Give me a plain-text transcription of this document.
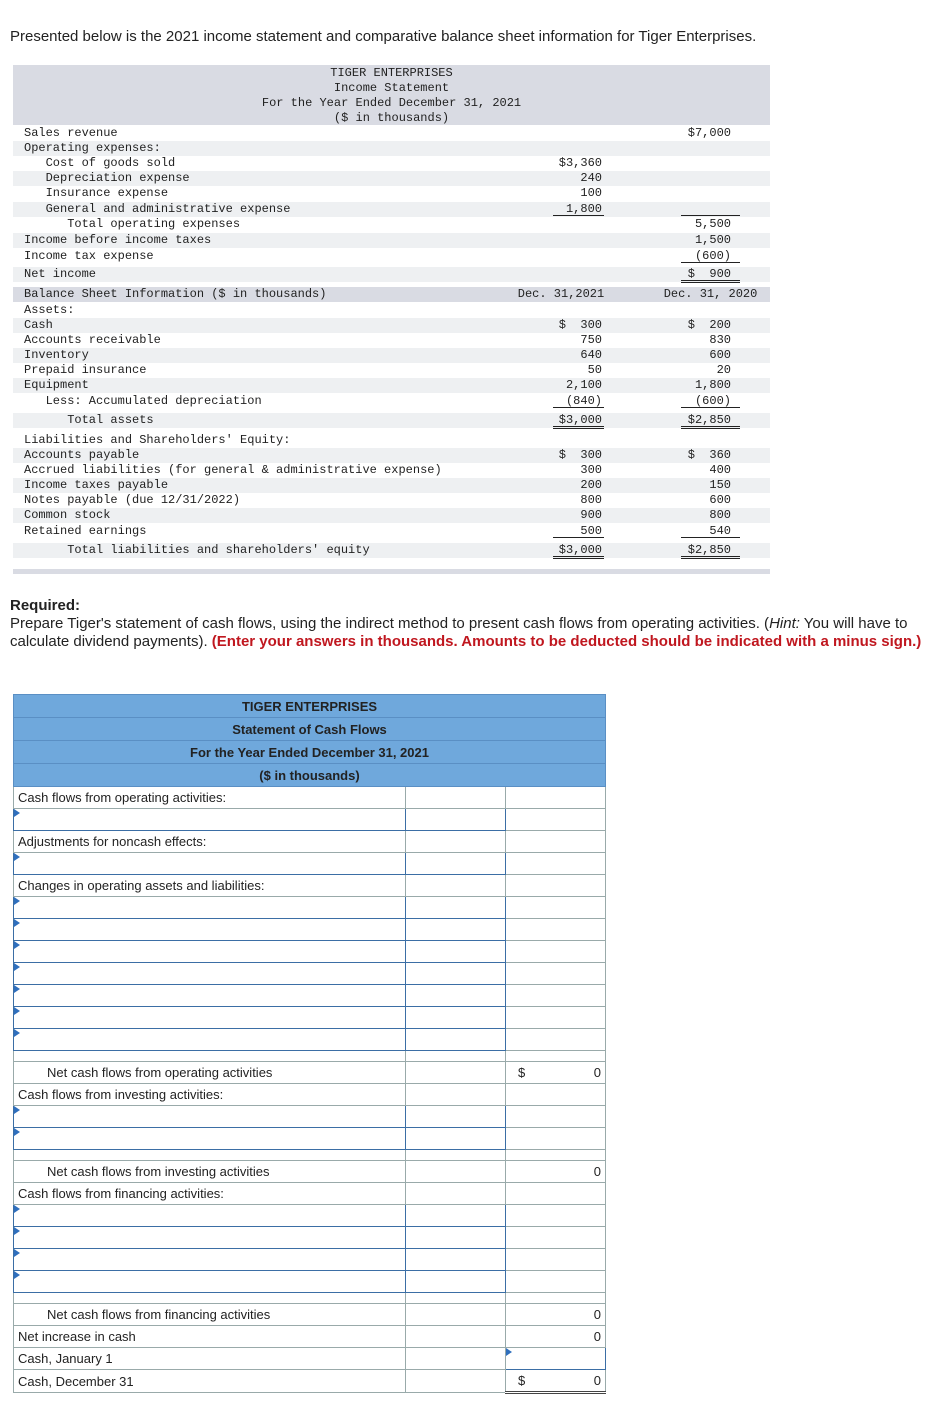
Presented below is the 2021 income statement and comparative balance sheet information for Tiger Enterprises.
TIGER ENTERPRISES
Income Statement
For the Year Ended December 31, 2021
($ in thousands)
Sales revenue	$7,000
Operating expenses:
Cost of goods sold	$3,360
Depreciation expense	240
Insurance expense	100
General and administrative expense	1,800
Total operating expenses	5,500
Income before income taxes	1,500
Income tax expense	(600)
Net income	$  900
Balance Sheet Information ($ in thousands)	Dec. 31,2021	Dec. 31, 2020
Assets:
Cash	$  300	$  200
Accounts receivable	750	830
Inventory	640	600
Prepaid insurance	50	20
Equipment	2,100	1,800
Less: Accumulated depreciation	(840)	(600)
Total assets	$3,000	$2,850
Liabilities and Shareholders' Equity:
Accounts payable	$  300	$  360
Accrued liabilities (for general & administrative expense)	300	400
Income taxes payable	200	150
Notes payable (due 12/31/2022)	800	600
Common stock	900	800
Retained earnings	500	540
Total liabilities and shareholders' equity	$3,000	$2,850
Required:
Prepare Tiger's statement of cash flows, using the indirect method to present cash flows from operating activities. (Hint: You will have to calculate dividend payments). (Enter your answers in thousands. Amounts to be deducted should be indicated with a minus sign.)
TIGER ENTERPRISES		
Statement of Cash Flows		
For the Year Ended December 31, 2021		
($ in thousands)		
Cash flows from operating activities:		

Adjustments for noncash effects:		

Changes in operating assets and liabilities:		

Net cash flows from operating activities		$ 0
Cash flows from investing activities:		

Net cash flows from investing activities		0
Cash flows from financing activities:		

Net cash flows from financing activities		0
Net increase in cash		0
Cash, January 1		
Cash, December 31		$ 0
